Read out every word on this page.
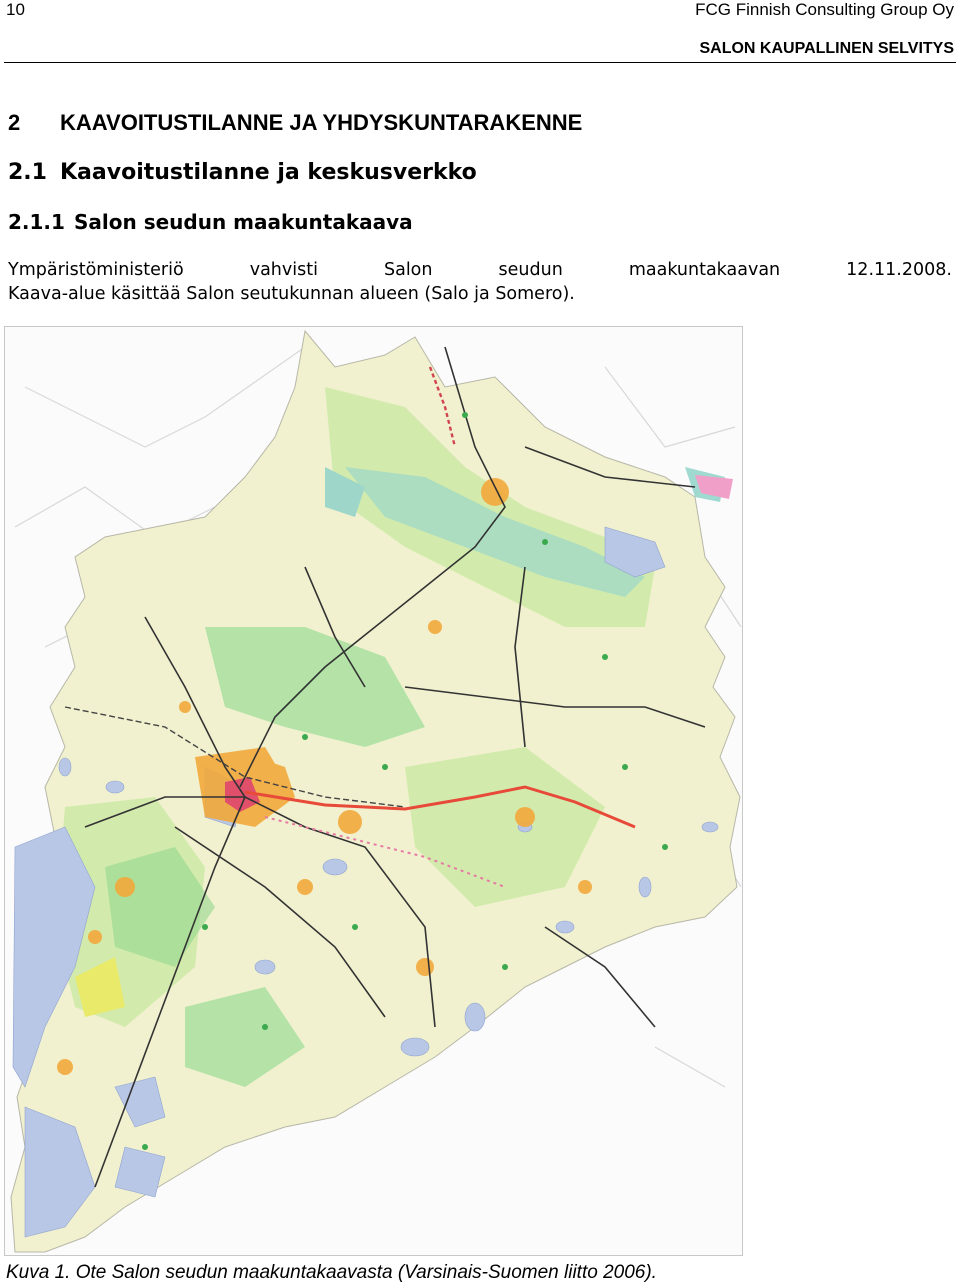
10	FCG Finnish Consulting Group Oy
SALON KAUPALLINEN SELVITYS
2 KAAVOITUSTILANNE JA YHDYSKUNTARAKENNE
2.1 Kaavoitustilanne ja keskusverkko
2.1.1 Salon seudun maakuntakaava
Ympäristöministeriö	vahvisti	Salon	seudun	maakuntakaavan	12.11.2008.
Kaava-alue käsittää Salon seutukunnan alueen (Salo ja Somero).
Kuva 1. Ote Salon seudun maakuntakaavasta (Varsinais-Suomen liitto 2006).
